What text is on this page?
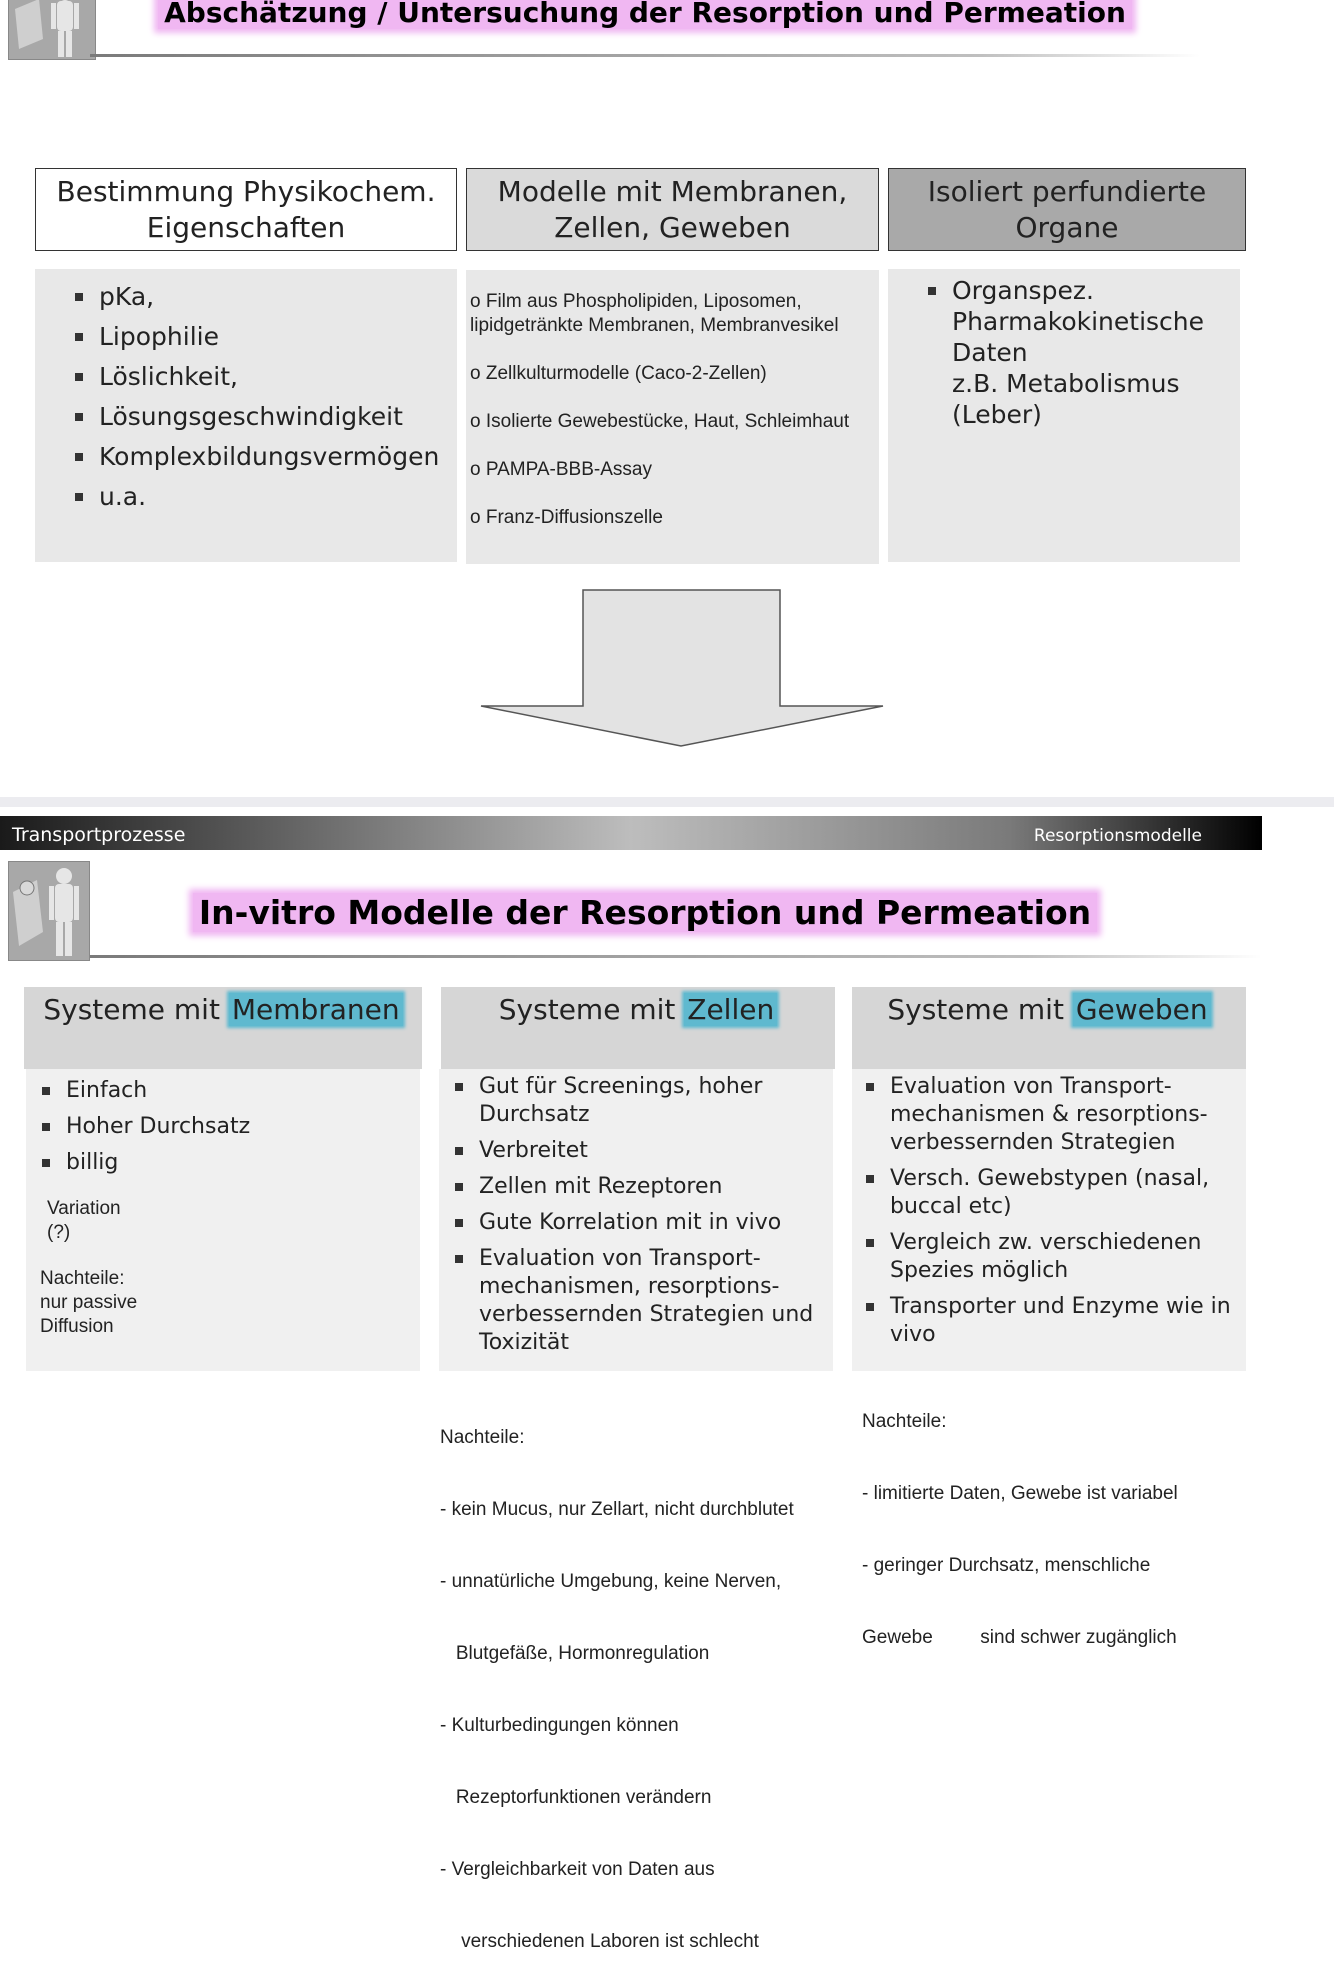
Abschätzung / Untersuchung der Resorption und Permeation
Bestimmung Physikochem.
Eigenschaften
Modelle mit Membranen,
Zellen, Geweben
Isoliert perfundierte
Organe
pKa,
Lipophilie
Löslichkeit,
Lösungsgeschwindigkeit
Komplexbildungsvermögen
u.a.
o Film aus Phospholipiden, Liposomen,
lipidgetränkte Membranen, Membranvesikel
o Zellkulturmodelle (Caco-2-Zellen)
o Isolierte Gewebestücke, Haut, Schleimhaut
o PAMPA-BBB-Assay
o Franz-Diffusionszelle
Organspez.
Pharmakokinetische
Daten
z.B. Metabolismus
(Leber)
Transportprozesse	Resorptionsmodelle
In-vitro Modelle der Resorption und Permeation
Systeme mit Membranen	Systeme mit Zellen	Systeme mit Geweben
Einfach
Hoher Durchsatz
billig
Variation
(?)
Nachteile:
nur passive
Diffusion
Gut für Screenings, hoher Durchsatz
Verbreitet
Zellen mit Rezeptoren
Gute Korrelation mit in vivo
Evaluation von Transport-mechanismen, resorptions-verbessernden Strategien und Toxizität

Nachteile:

- kein Mucus, nur Zellart, nicht durchblutet

- unnatürliche Umgebung, keine Nerven,

Blutgefäße, Hormonregulation

- Kulturbedingungen können

Rezeptorfunktionen verändern

- Vergleichbarkeit von Daten aus

verschiedenen Laboren ist schlecht

Evaluation von Transport-mechanismen & resorptions-verbessernden Strategien
Versch. Gewebstypen (nasal, buccal etc)
Vergleich zw. verschiedenen Spezies möglich
Transporter und Enzyme wie in vivo

Nachteile:

- limitierte Daten, Gewebe ist variabel

- geringer Durchsatz, menschliche

Gewebe         sind schwer zugänglich
